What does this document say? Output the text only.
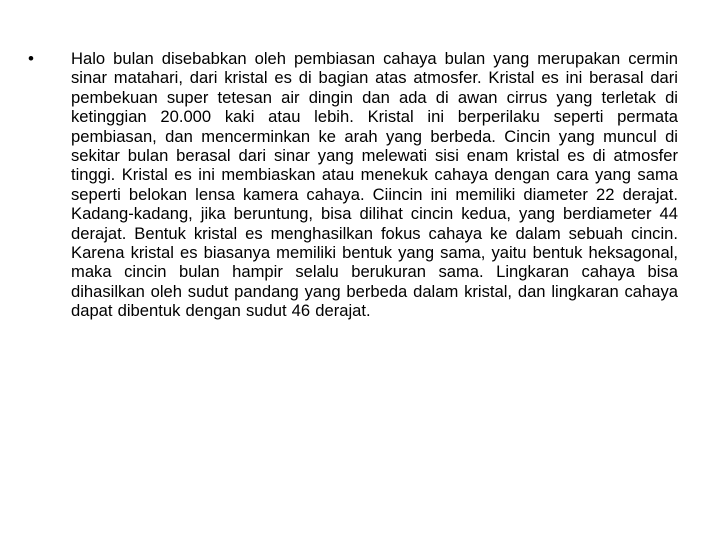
• Halo bulan disebabkan oleh pembiasan cahaya bulan yang merupakan cermin sinar matahari, dari kristal es di bagian atas atmosfer. Kristal es ini berasal dari pembekuan super tetesan air dingin dan ada di awan cirrus yang terletak di ketinggian 20.000 kaki atau lebih. Kristal ini berperilaku seperti permata pembiasan, dan mencerminkan ke arah yang berbeda. Cincin yang muncul di sekitar bulan berasal dari sinar yang melewati sisi enam kristal es di atmosfer tinggi. Kristal es ini membiaskan atau menekuk cahaya dengan cara yang sama seperti belokan lensa kamera cahaya. Ciincin ini memiliki diameter 22 derajat. Kadang-kadang, jika beruntung, bisa dilihat cincin kedua, yang berdiameter 44 derajat. Bentuk kristal es menghasilkan fokus cahaya ke dalam sebuah cincin. Karena kristal es biasanya memiliki bentuk yang sama, yaitu bentuk heksagonal, maka cincin bulan hampir selalu berukuran sama. Lingkaran cahaya bisa dihasilkan oleh sudut pandang yang berbeda dalam kristal, dan lingkaran cahaya dapat dibentuk dengan sudut 46 derajat.
